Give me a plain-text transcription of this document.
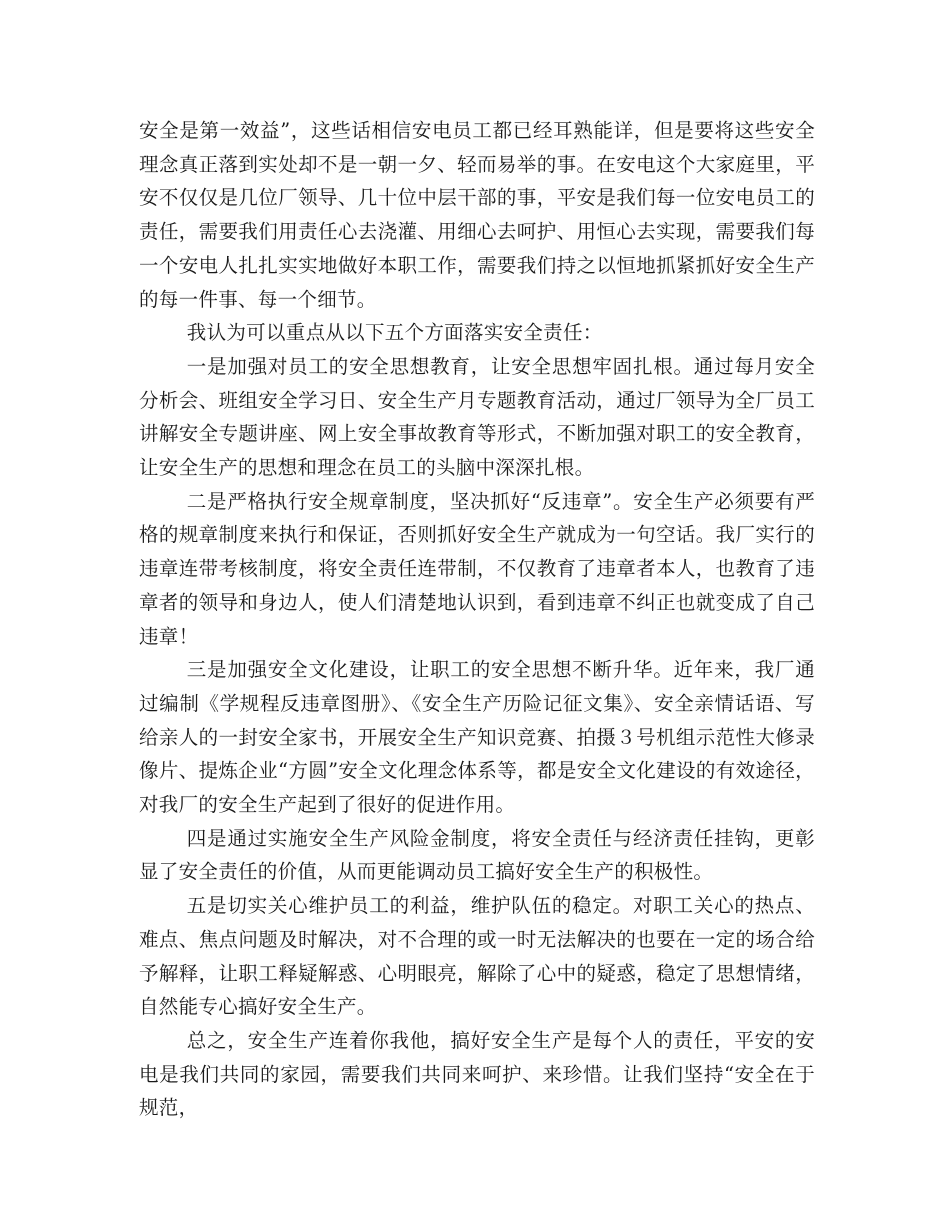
安全是第一效益”，这些话相信安电员工都已经耳熟能详，但是要将这些安全理念真正落到实处却不是一朝一夕、轻而易举的事。在安电这个大家庭里，平安不仅仅是几位厂领导、几十位中层干部的事，平安是我们每一位安电员工的责任，需要我们用责任心去浇灌、用细心去呵护、用恒心去实现，需要我们每一个安电人扎扎实实地做好本职工作，需要我们持之以恒地抓紧抓好安全生产的每一件事、每一个细节。

我认为可以重点从以下五个方面落实安全责任：

一是加强对员工的安全思想教育，让安全思想牢固扎根。通过每月安全分析会、班组安全学习日、安全生产月专题教育活动，通过厂领导为全厂员工讲解安全专题讲座、网上安全事故教育等形式，不断加强对职工的安全教育，让安全生产的思想和理念在员工的头脑中深深扎根。

二是严格执行安全规章制度，坚决抓好“反违章”。安全生产必须要有严格的规章制度来执行和保证，否则抓好安全生产就成为一句空话。我厂实行的违章连带考核制度，将安全责任连带制，不仅教育了违章者本人，也教育了违章者的领导和身边人，使人们清楚地认识到，看到违章不纠正也就变成了自己违章！

三是加强安全文化建设，让职工的安全思想不断升华。近年来，我厂通过编制《学规程反违章图册》、《安全生产历险记征文集》、安全亲情话语、写给亲人的一封安全家书，开展安全生产知识竞赛、拍摄３号机组示范性大修录像片、提炼企业“方圆”安全文化理念体系等，都是安全文化建设的有效途径，对我厂的安全生产起到了很好的促进作用。

四是通过实施安全生产风险金制度，将安全责任与经济责任挂钩，更彰显了安全责任的价值，从而更能调动员工搞好安全生产的积极性。

五是切实关心维护员工的利益，维护队伍的稳定。对职工关心的热点、难点、焦点问题及时解决，对不合理的或一时无法解决的也要在一定的场合给予解释，让职工释疑解惑、心明眼亮，解除了心中的疑惑，稳定了思想情绪，自然能专心搞好安全生产。

总之，安全生产连着你我他，搞好安全生产是每个人的责任，平安的安电是我们共同的家园，需要我们共同来呵护、来珍惜。让我们坚持“安全在于规范，
